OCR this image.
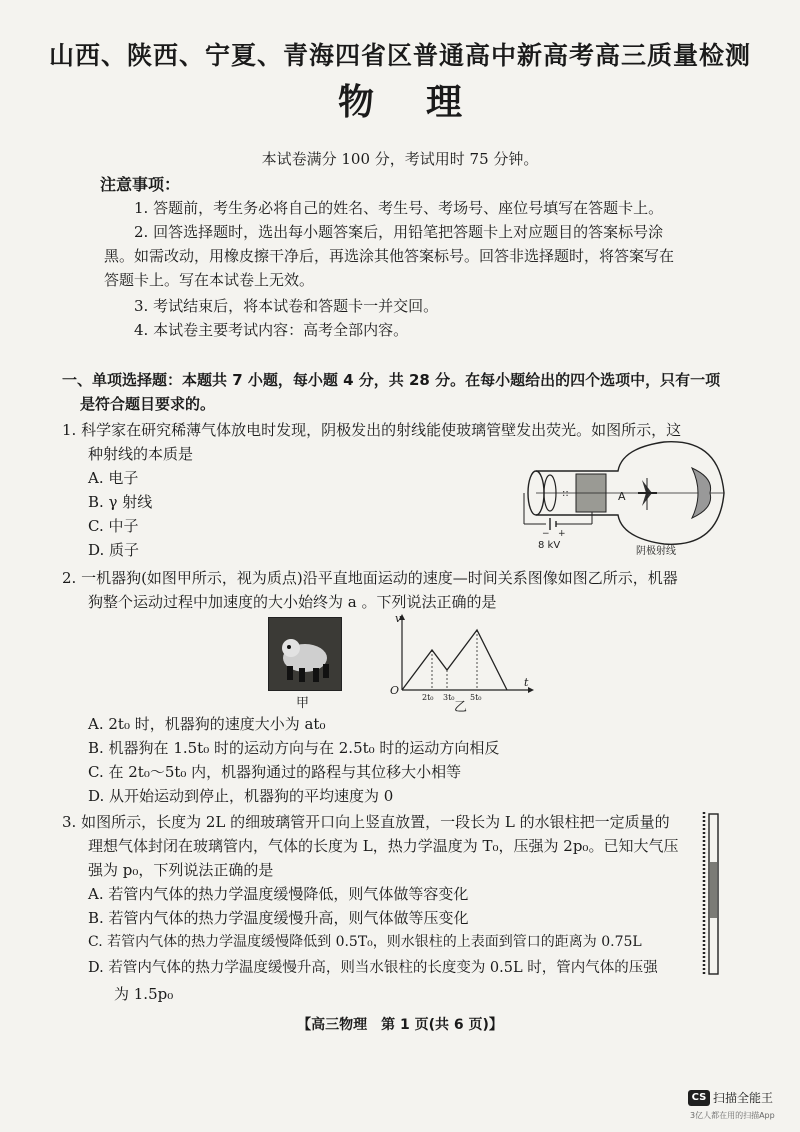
山西、陕西、宁夏、青海四省区普通高中新高考高三质量检测
物理
本试卷满分 100 分，考试用时 75 分钟。
注意事项：
1. 答题前，考生务必将自己的姓名、考生号、考场号、座位号填写在答题卡上。
2. 回答选择题时，选出每小题答案后，用铅笔把答题卡上对应题目的答案标号涂
黑。如需改动，用橡皮擦干净后，再选涂其他答案标号。回答非选择题时，将答案写在
答题卡上。写在本试卷上无效。
3. 考试结束后，将本试卷和答题卡一并交回。
4. 本试卷主要考试内容：高考全部内容。
一、单项选择题：本题共 7 小题，每小题 4 分，共 28 分。在每小题给出的四个选项中，只有一项
是符合题目要求的。
1. 科学家在研究稀薄气体放电时发现，阴极发出的射线能使玻璃管壁发出荧光。如图所示，这
种射线的本质是
A. 电子
B. γ 射线
C. 中子
D. 质子
::	A
− +
8 kV
阴极射线
2. 一机器狗(如图甲所示，视为质点)沿平直地面运动的速度—时间关系图像如图乙所示，机器
狗整个运动过程中加速度的大小始终为 a 。下列说法正确的是
甲
v
t
O
2t₀ 3t₀ 5t₀
乙
A. 2t₀ 时，机器狗的速度大小为 at₀
B. 机器狗在 1.5t₀ 时的运动方向与在 2.5t₀ 时的运动方向相反
C. 在 2t₀～5t₀ 内，机器狗通过的路程与其位移大小相等
D. 从开始运动到停止，机器狗的平均速度为 0
3. 如图所示，长度为 2L 的细玻璃管开口向上竖直放置，一段长为 L 的水银柱把一定质量的
理想气体封闭在玻璃管内，气体的长度为 L，热力学温度为 T₀，压强为 2p₀。已知大气压
强为 p₀，下列说法正确的是
A. 若管内气体的热力学温度缓慢降低，则气体做等容变化
B. 若管内气体的热力学温度缓慢升高，则气体做等压变化
C. 若管内气体的热力学温度缓慢降低到 0.5T₀，则水银柱的上表面到管口的距离为 0.75L
D. 若管内气体的热力学温度缓慢升高，则当水银柱的长度变为 0.5L 时，管内气体的压强
为 1.5p₀
【高三物理　第 1 页(共 6 页)】
CS 扫描全能王
3亿人都在用的扫描App
